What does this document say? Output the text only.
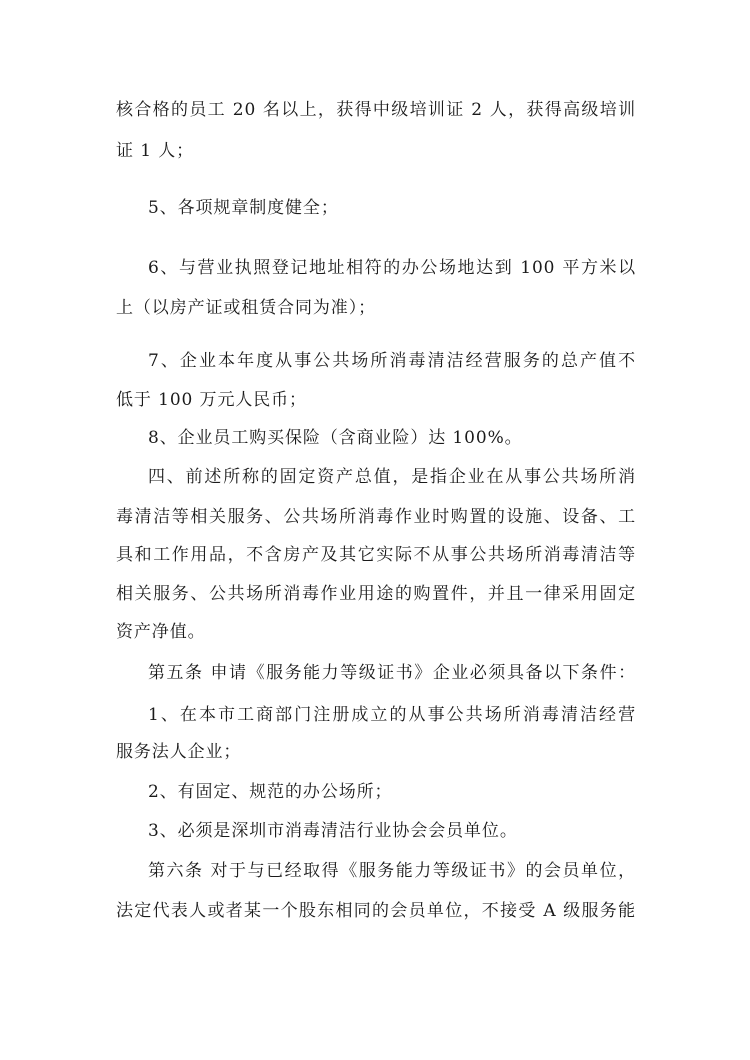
核合格的员工 20 名以上，获得中级培训证 2 人，获得高级培训
证 1 人；
5、各项规章制度健全；
6、与营业执照登记地址相符的办公场地达到 100 平方米以
上（以房产证或租赁合同为准）；
7、企业本年度从事公共场所消毒清洁经营服务的总产值不
低于 100 万元人民币；
8、企业员工购买保险（含商业险）达 100%。
四、前述所称的固定资产总值，是指企业在从事公共场所消
毒清洁等相关服务、公共场所消毒作业时购置的设施、设备、工
具和工作用品，不含房产及其它实际不从事公共场所消毒清洁等
相关服务、公共场所消毒作业用途的购置件，并且一律采用固定
资产净值。
第五条 申请《服务能力等级证书》企业必须具备以下条件：
1、在本市工商部门注册成立的从事公共场所消毒清洁经营
服务法人企业；
2、有固定、规范的办公场所；
3、必须是深圳市消毒清洁行业协会会员单位。
第六条 对于与已经取得《服务能力等级证书》的会员单位，
法定代表人或者某一个股东相同的会员单位，不接受 A 级服务能
